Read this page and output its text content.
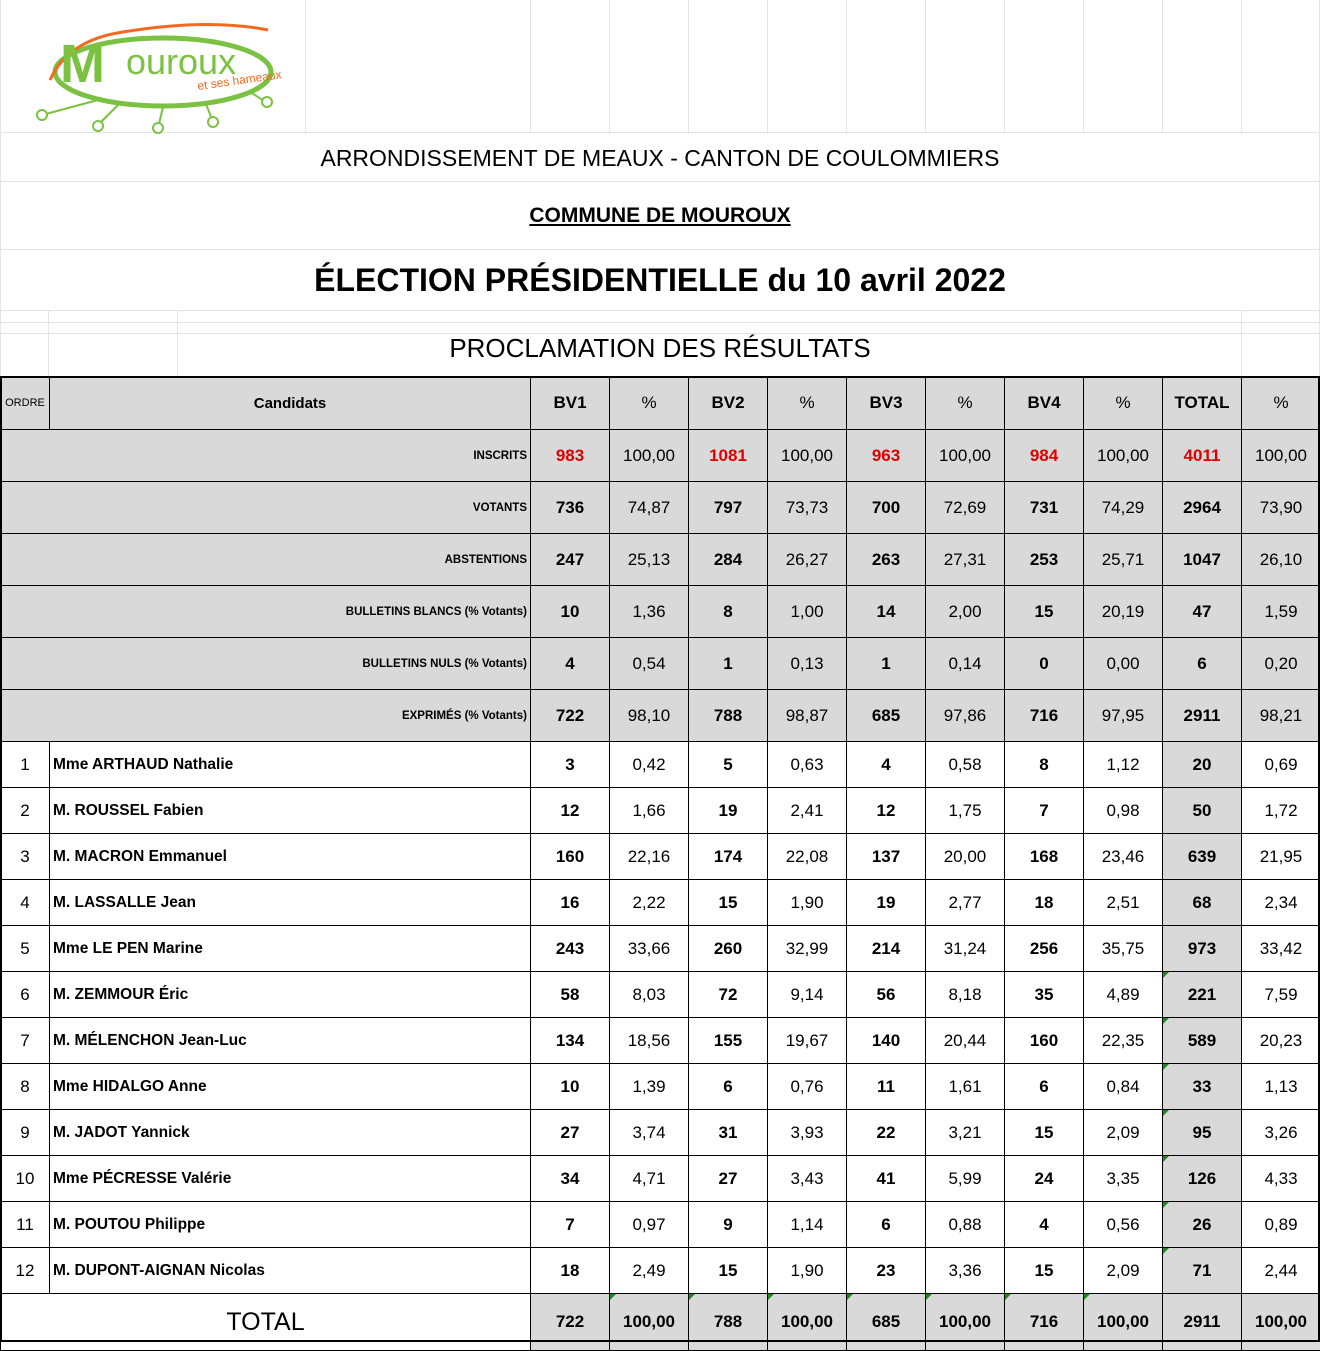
M ouroux
et ses hameaux
ARRONDISSEMENT DE MEAUX - CANTON DE COULOMMIERS
COMMUNE DE MOUROUX
ÉLECTION PRÉSIDENTIELLE du 10 avril 2022
PROCLAMATION DES RÉSULTATS
ORDRE	Candidats	BV1	%	BV2	%	BV3	%	BV4	%	TOTAL	%
INSCRITS		983	100,00	1081	100,00	963	100,00	984	100,00	4011	100,00
VOTANTS		736	74,87	797	73,73	700	72,69	731	74,29	2964	73,90
ABSTENTIONS		247	25,13	284	26,27	263	27,31	253	25,71	1047	26,10
BULLETINS BLANCS (% Votants)		10	1,36	8	1,00	14	2,00	15	20,19	47	1,59
BULLETINS NULS (% Votants)		4	0,54	1	0,13	1	0,14	0	0,00	6	0,20
EXPRIMÉS (% Votants)		722	98,10	788	98,87	685	97,86	716	97,95	2911	98,21
1	Mme ARTHAUD Nathalie	3	0,42	5	0,63	4	0,58	8	1,12	20	0,69
2	M. ROUSSEL Fabien	12	1,66	19	2,41	12	1,75	7	0,98	50	1,72
3	M. MACRON Emmanuel	160	22,16	174	22,08	137	20,00	168	23,46	639	21,95
4	M. LASSALLE Jean	16	2,22	15	1,90	19	2,77	18	2,51	68	2,34
5	Mme LE PEN Marine	243	33,66	260	32,99	214	31,24	256	35,75	973	33,42
6	M. ZEMMOUR Éric	58	8,03	72	9,14	56	8,18	35	4,89	221	7,59
7	M. MÉLENCHON Jean-Luc	134	18,56	155	19,67	140	20,44	160	22,35	589	20,23
8	Mme HIDALGO Anne	10	1,39	6	0,76	11	1,61	6	0,84	33	1,13
9	M. JADOT Yannick	27	3,74	31	3,93	22	3,21	15	2,09	95	3,26
10	Mme PÉCRESSE Valérie	34	4,71	27	3,43	41	5,99	24	3,35	126	4,33
11	M. POUTOU Philippe	7	0,97	9	1,14	6	0,88	4	0,56	26	0,89
12	M. DUPONT-AIGNAN Nicolas	18	2,49	15	1,90	23	3,36	15	2,09	71	2,44
TOTAL		722	100,00	788	100,00	685	100,00	716	100,00	2911	100,00
